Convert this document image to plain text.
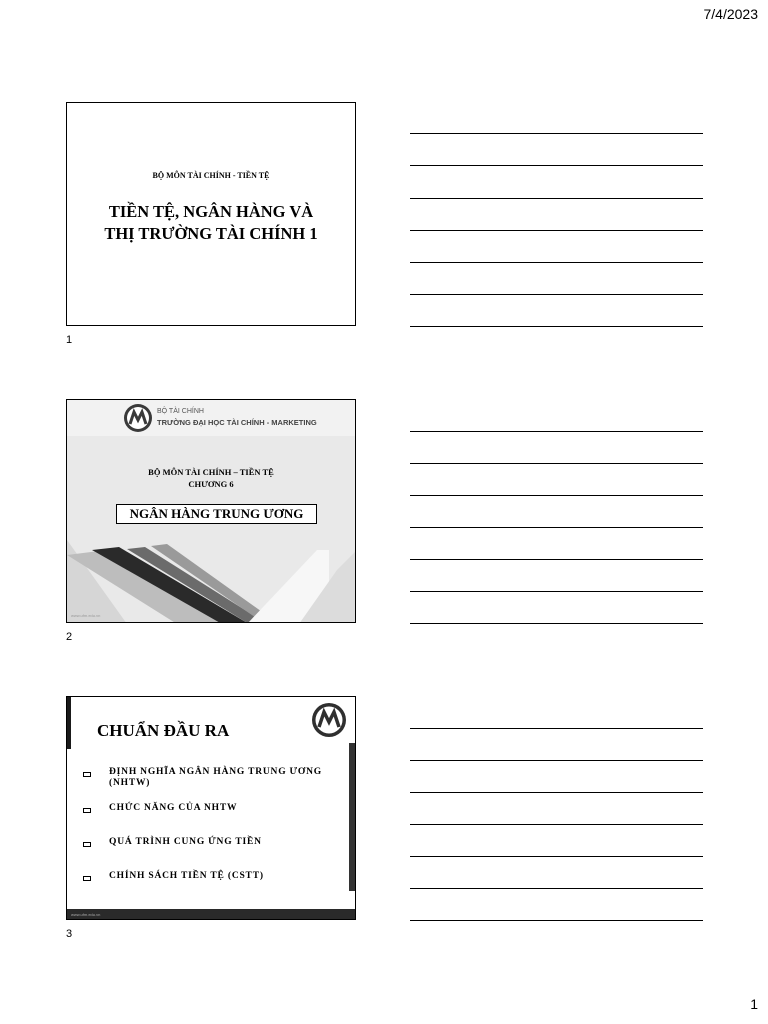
7/4/2023
BỘ MÔN TÀI CHÍNH - TIỀN TỆ
TIỀN TỆ, NGÂN HÀNG VÀ
THỊ TRƯỜNG TÀI CHÍNH 1
1
BỘ TÀI CHÍNH
TRƯỜNG ĐẠI HỌC TÀI CHÍNH - MARKETING
BỘ MÔN TÀI CHÍNH – TIỀN TỆ
CHƯƠNG 6
NGÂN HÀNG TRUNG ƯƠNG
www.ufm.edu.vn
2
CHUẨN ĐẦU RA
ĐỊNH NGHĨA NGÂN HÀNG TRUNG ƯƠNG (NHTW)
CHỨC NĂNG CỦA NHTW
QUÁ TRÌNH CUNG ỨNG TIỀN
CHÍNH SÁCH TIỀN TỆ (CSTT)
www.ufm.edu.vn
3
1
